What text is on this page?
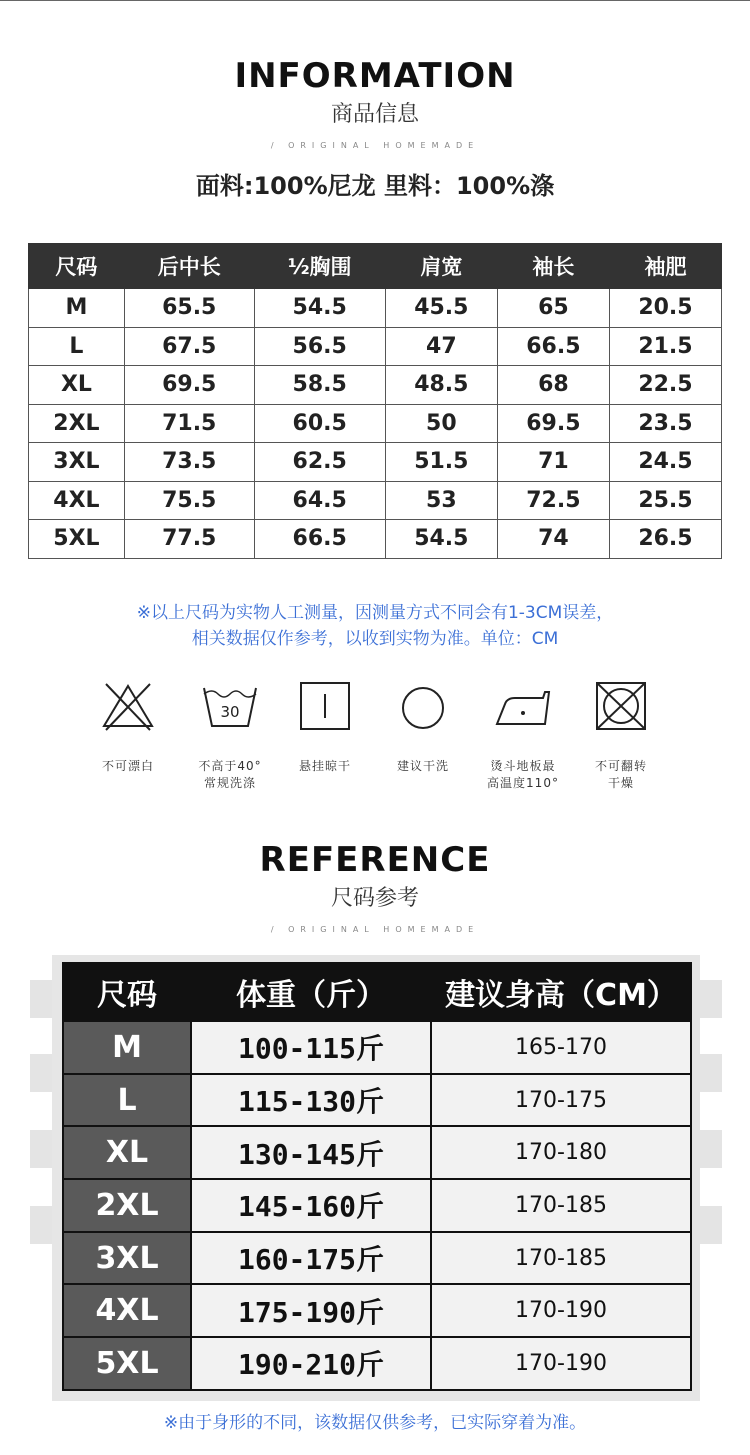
INFORMATION
商品信息
/ ORIGINAL HOMEMADE
面料:100%尼龙 里料：100%涤
尺码	后中长	½胸围	肩宽	袖长	袖肥
M	65.5	54.5	45.5	65	20.5
L	67.5	56.5	47	66.5	21.5
XL	69.5	58.5	48.5	68	22.5
2XL	71.5	60.5	50	69.5	23.5
3XL	73.5	62.5	51.5	71	24.5
4XL	75.5	64.5	53	72.5	25.5
5XL	77.5	66.5	54.5	74	26.5
※以上尺码为实物人工测量，因测量方式不同会有1-3CM误差，
相关数据仅作参考，以收到实物为准。单位：CM
不可漂白
30
不高于40°
常规洗涤
悬挂晾干	建议干洗	烫斗地板最
高温度110°
不可翻转
干燥
REFERENCE
尺码参考
/ ORIGINAL HOMEMADE
尺码	体重（斤）	建议身高（CM）
M	100-115斤	165-170
L	115-130斤	170-175
XL	130-145斤	170-180
2XL	145-160斤	170-185
3XL	160-175斤	170-185
4XL	175-190斤	170-190
5XL	190-210斤	170-190
※由于身形的不同，该数据仅供参考，已实际穿着为准。
